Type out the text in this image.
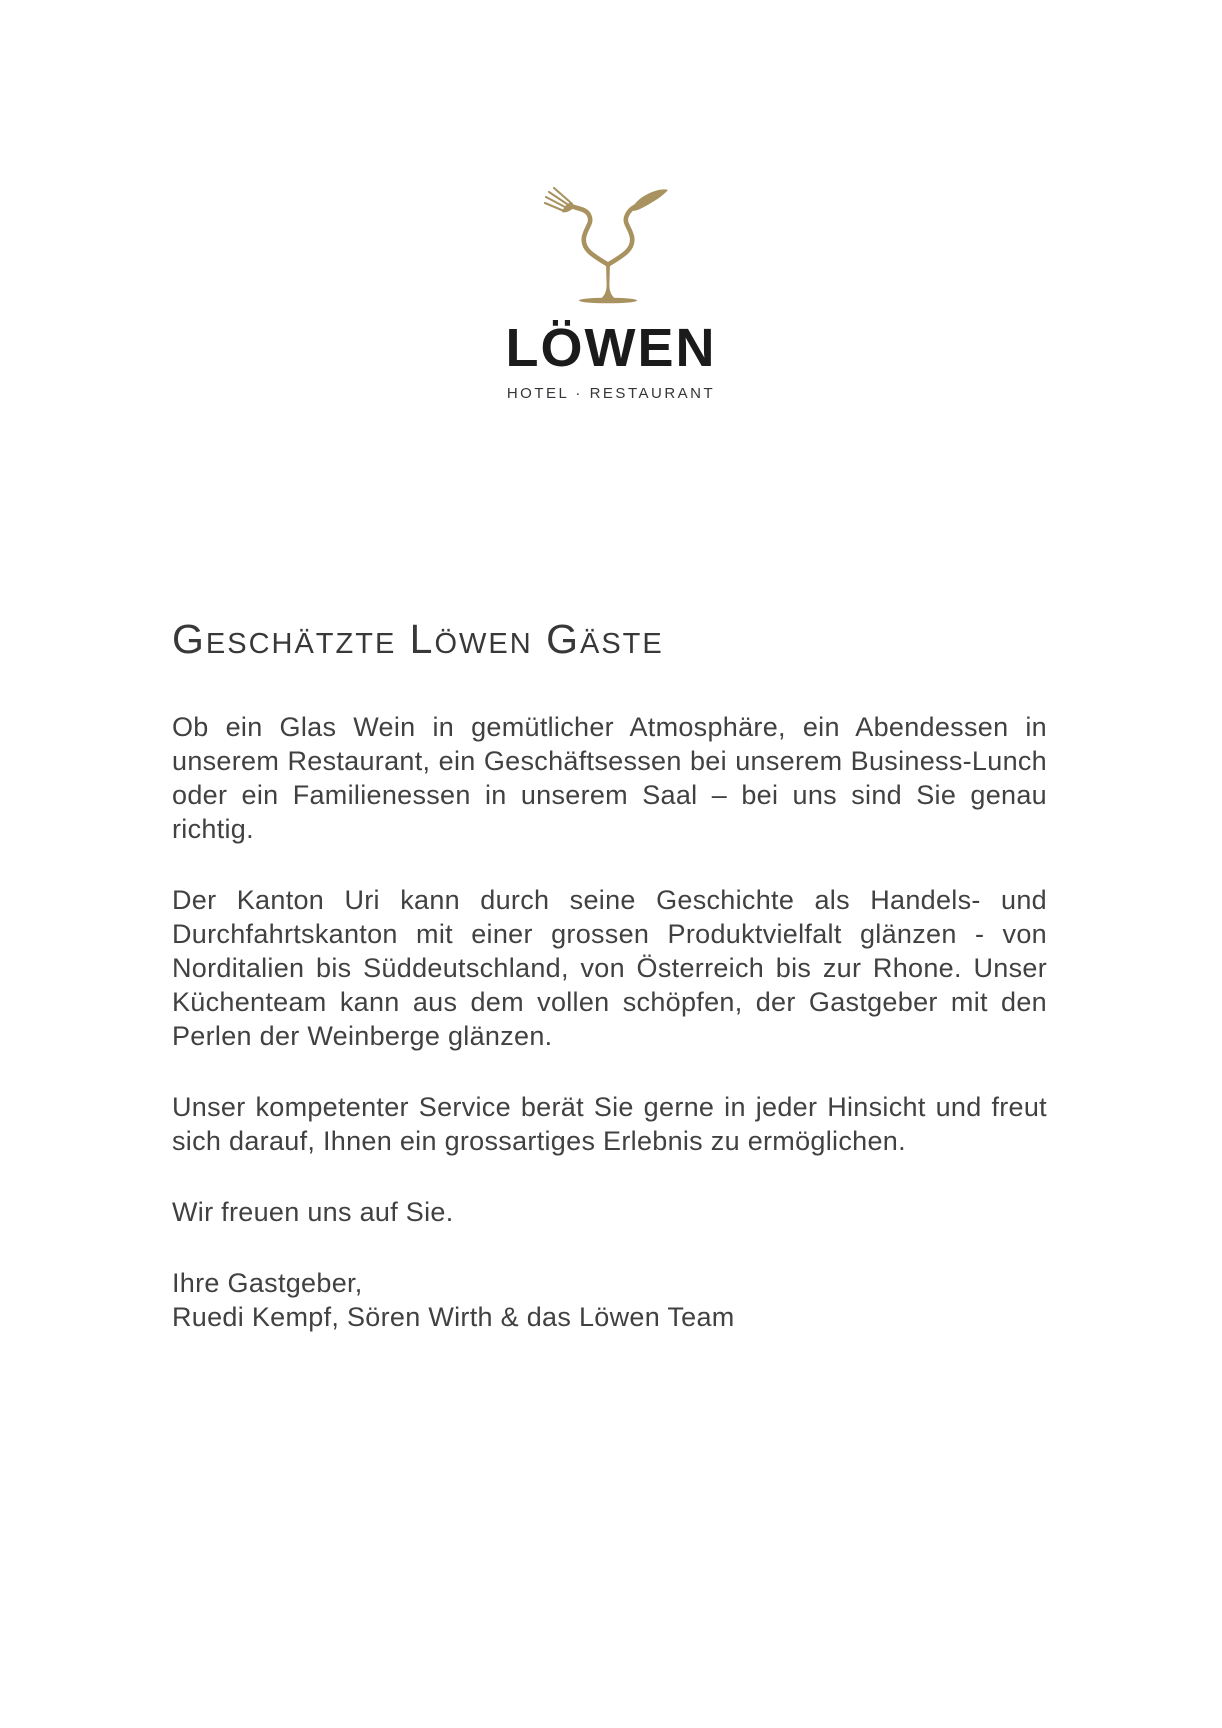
LÖWEN
HOTEL · RESTAURANT
Geschätzte Löwen Gäste

Ob ein Glas Wein in gemütlicher Atmosphäre, ein Abendessen in unserem Restaurant, ein Geschäftsessen bei unserem Business-Lunch oder ein Familienessen in unserem Saal – bei uns sind Sie genau richtig.

Der Kanton Uri kann durch seine Geschichte als Handels- und Durchfahrtskanton mit einer grossen Produktvielfalt glänzen - von Norditalien bis Süddeutschland, von Österreich bis zur Rhone. Unser Küchenteam kann aus dem vollen schöpfen, der Gastgeber mit den Perlen der Weinberge glänzen.

Unser kompetenter Service berät Sie gerne in jeder Hinsicht und freut sich darauf, Ihnen ein grossartiges Erlebnis zu ermöglichen.

Wir freuen uns auf Sie.

Ihre Gastgeber,
Ruedi Kempf, Sören Wirth & das Löwen Team
